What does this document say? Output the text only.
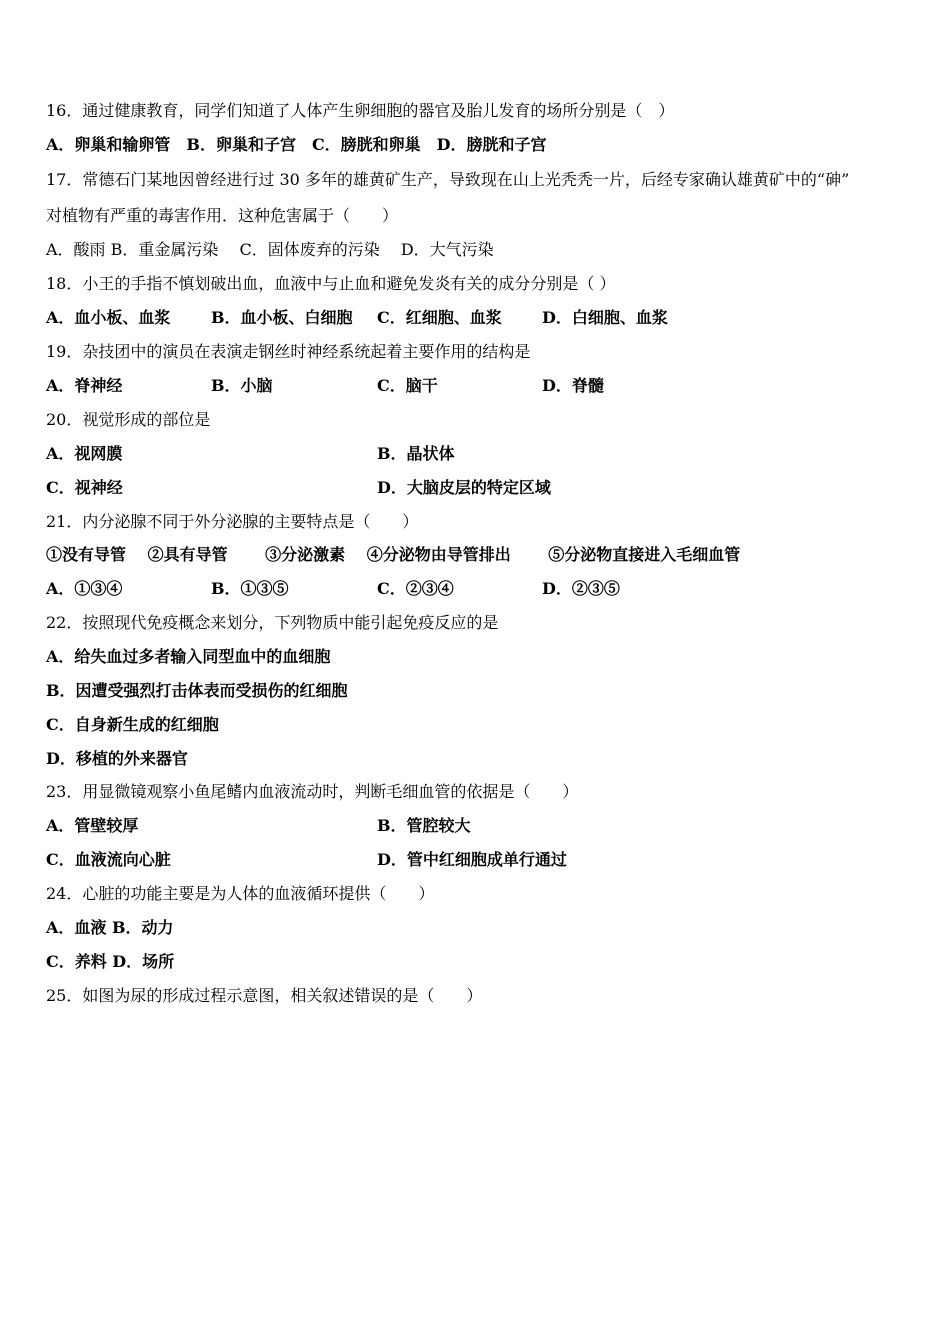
16．通过健康教育，同学们知道了人体产生卵细胞的器官及胎儿发育的场所分别是（　）
A．卵巢和输卵管　B．卵巢和子宫　C．膀胱和卵巢　D．膀胱和子宫
17．常德石门某地因曾经进行过 30 多年的雄黄矿生产，导致现在山上光秃秃一片，后经专家确认雄黄矿中的“砷”
对植物有严重的毒害作用．这种危害属于（　　）
A．酸雨 B．重金属污染　 C．固体废弃的污染　 D．大气污染
18．小王的手指不慎划破出血，血液中与止血和避免发炎有关的成分分别是（ ）
A．血小板、血浆	B．血小板、白细胞 C．红细胞、血浆	D．白细胞、血浆
19．杂技团中的演员在表演走钢丝时神经系统起着主要作用的结构是
A．脊神经	B．小脑	C．脑干	D．脊髓
20．视觉形成的部位是
A．视网膜	B．晶状体
C．视神经	D．大脑皮层的特定区域
21．内分泌腺不同于外分泌腺的主要特点是（　　）
①没有导管　 ②具有导管　　 ③分泌激素　 ④分泌物由导管排出　　 ⑤分泌物直接进入毛细血管
A．①③④	B．①③⑤	C．②③④	D．②③⑤
22．按照现代免疫概念来划分，下列物质中能引起免疫反应的是
A．给失血过多者输入同型血中的血细胞
B．因遭受强烈打击体表而受损伤的红细胞
C．自身新生成的红细胞
D．移植的外来器官
23．用显微镜观察小鱼尾鳍内血液流动时，判断毛细血管的依据是（　　）
A．管壁较厚	B．管腔较大
C．血液流向心脏	D．管中红细胞成单行通过
24．心脏的功能主要是为人体的血液循环提供（　　）
A．血液 B．动力
C．养料 D．场所
25．如图为尿的形成过程示意图，相关叙述错误的是（　　）
